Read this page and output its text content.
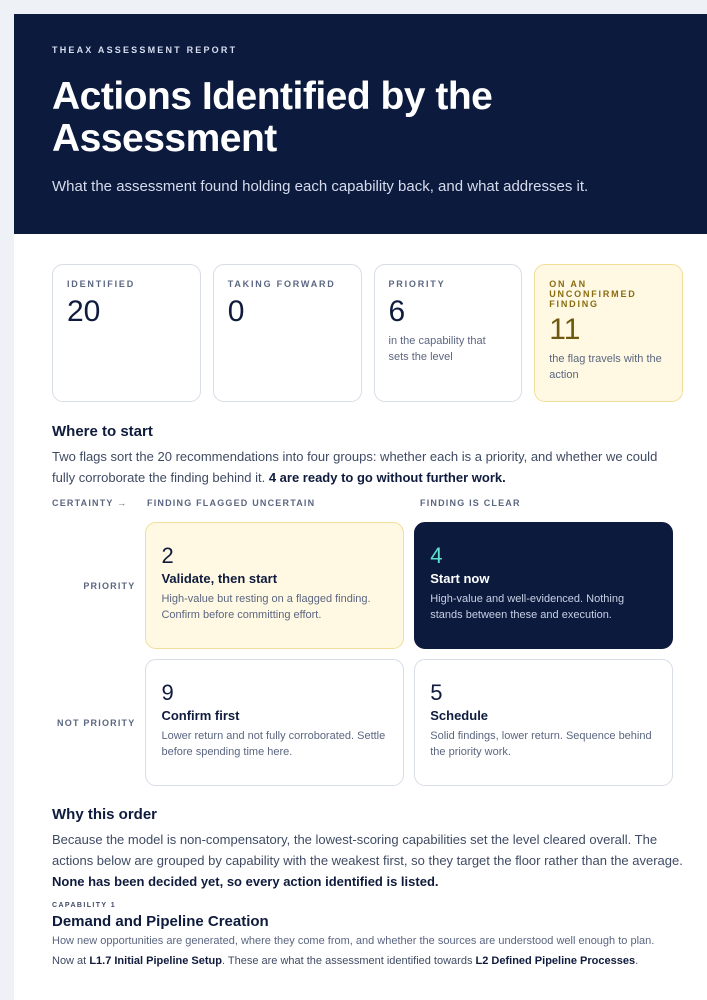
THEAX ASSESSMENT REPORT
Actions Identified by the Assessment
What the assessment found holding each capability back, and what addresses it.
IDENTIFIED
20
TAKING FORWARD
0
PRIORITY
6
in the capability that sets the level
ON AN UNCONFIRMED FINDING
11
the flag travels with the action
Where to start

Two flags sort the 20 recommendations into four groups: whether each is a priority, and whether we could fully corroborate the finding behind it. 4 are ready to go without further work.

CERTAINTY →	FINDING FLAGGED UNCERTAIN	FINDING IS CLEAR
PRIORITY
2
Validate, then start
High-value but resting on a flagged finding. Confirm before committing effort.
4
Start now
High-value and well-evidenced. Nothing stands between these and execution.
NOT PRIORITY
9
Confirm first
Lower return and not fully corroborated. Settle before spending time here.
5
Schedule
Solid findings, lower return. Sequence behind the priority work.
Why this order

Because the model is non-compensatory, the lowest-scoring capabilities set the level cleared overall. The actions below are grouped by capability with the weakest first, so they target the floor rather than the average. None has been decided yet, so every action identified is listed.

CAPABILITY 1
Demand and Pipeline Creation
How new opportunities are generated, where they come from, and whether the sources are understood well enough to plan.
Now at L1.7 Initial Pipeline Setup. These are what the assessment identified towards L2 Defined Pipeline Processes.
